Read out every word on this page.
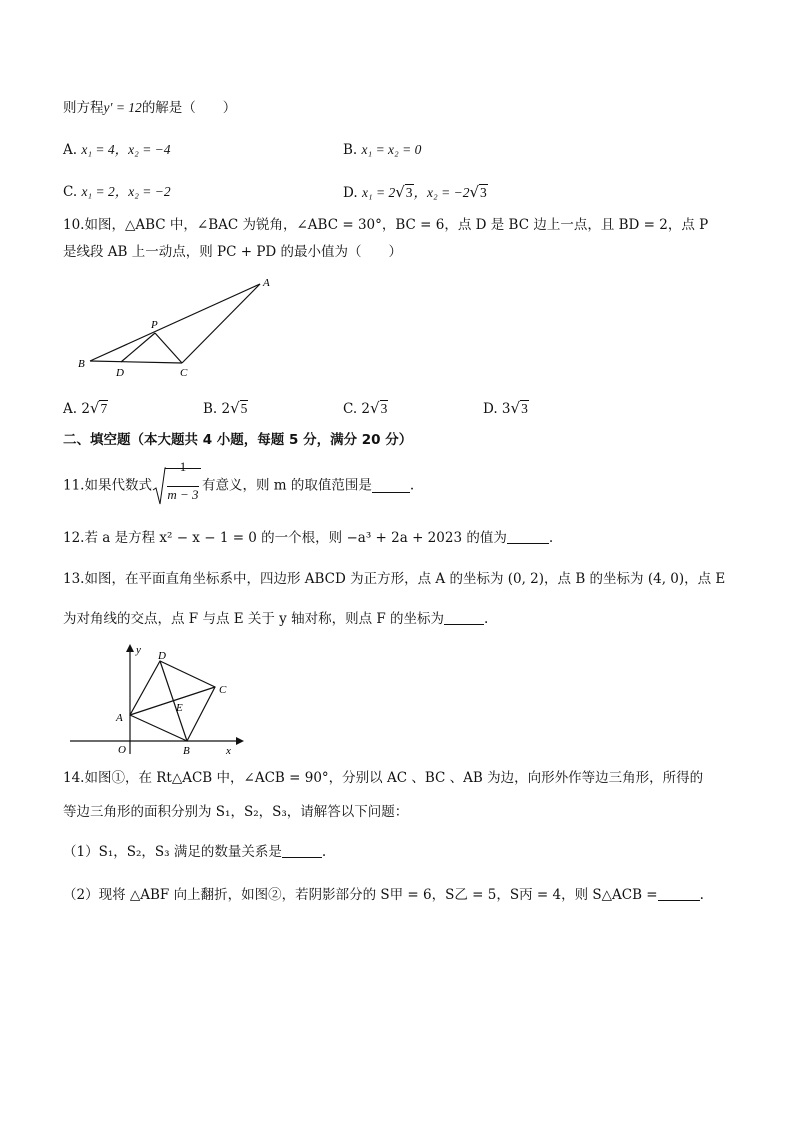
则方程y′ = 12的解是（　　）
A. x₁ = 4，x₂ = −4	B. x₁ = x₂ = 0
C. x₁ = 2，x₂ = −2	D. x₁ = 2√3，x₂ = −2√3
10.如图，△ABC 中，∠BAC 为锐角，∠ABC = 30°，BC = 6，点 D 是 BC 边上一点，且 BD = 2，点 P
是线段 AB 上一动点，则 PC + PD 的最小值为（　　）
A
B
C
D
P
A. 2√7	B. 2√5	C. 2√3	D. 3√3
二、填空题（本大题共 4 小题，每题 5 分，满分 20 分）
11.如果代数式 $\frac{1}{m - 3}$ 有意义，则 m 的取值范围是	.
12.若 a 是方程 x² − x − 1 = 0 的一个根，则 −a³ + 2a + 2023 的值为	.
13.如图，在平面直角坐标系中，四边形 ABCD 为正方形，点 A 的坐标为 (0, 2)，点 B 的坐标为 (4, 0)，点 E
为对角线的交点，点 F 与点 E 关于 y 轴对称，则点 F 的坐标为	.
y
x
O
A
B
C
D
E
14.如图①，在 Rt△ACB 中，∠ACB = 90°，分别以 AC 、BC 、AB 为边，向形外作等边三角形，所得的
等边三角形的面积分别为 S₁，S₂，S₃，请解答以下问题：
（1）S₁，S₂，S₃ 满足的数量关系是	.
（2）现将 △ABF 向上翻折，如图②，若阴影部分的 S甲 = 6，S乙 = 5，S丙 = 4，则 S△ACB =	.
